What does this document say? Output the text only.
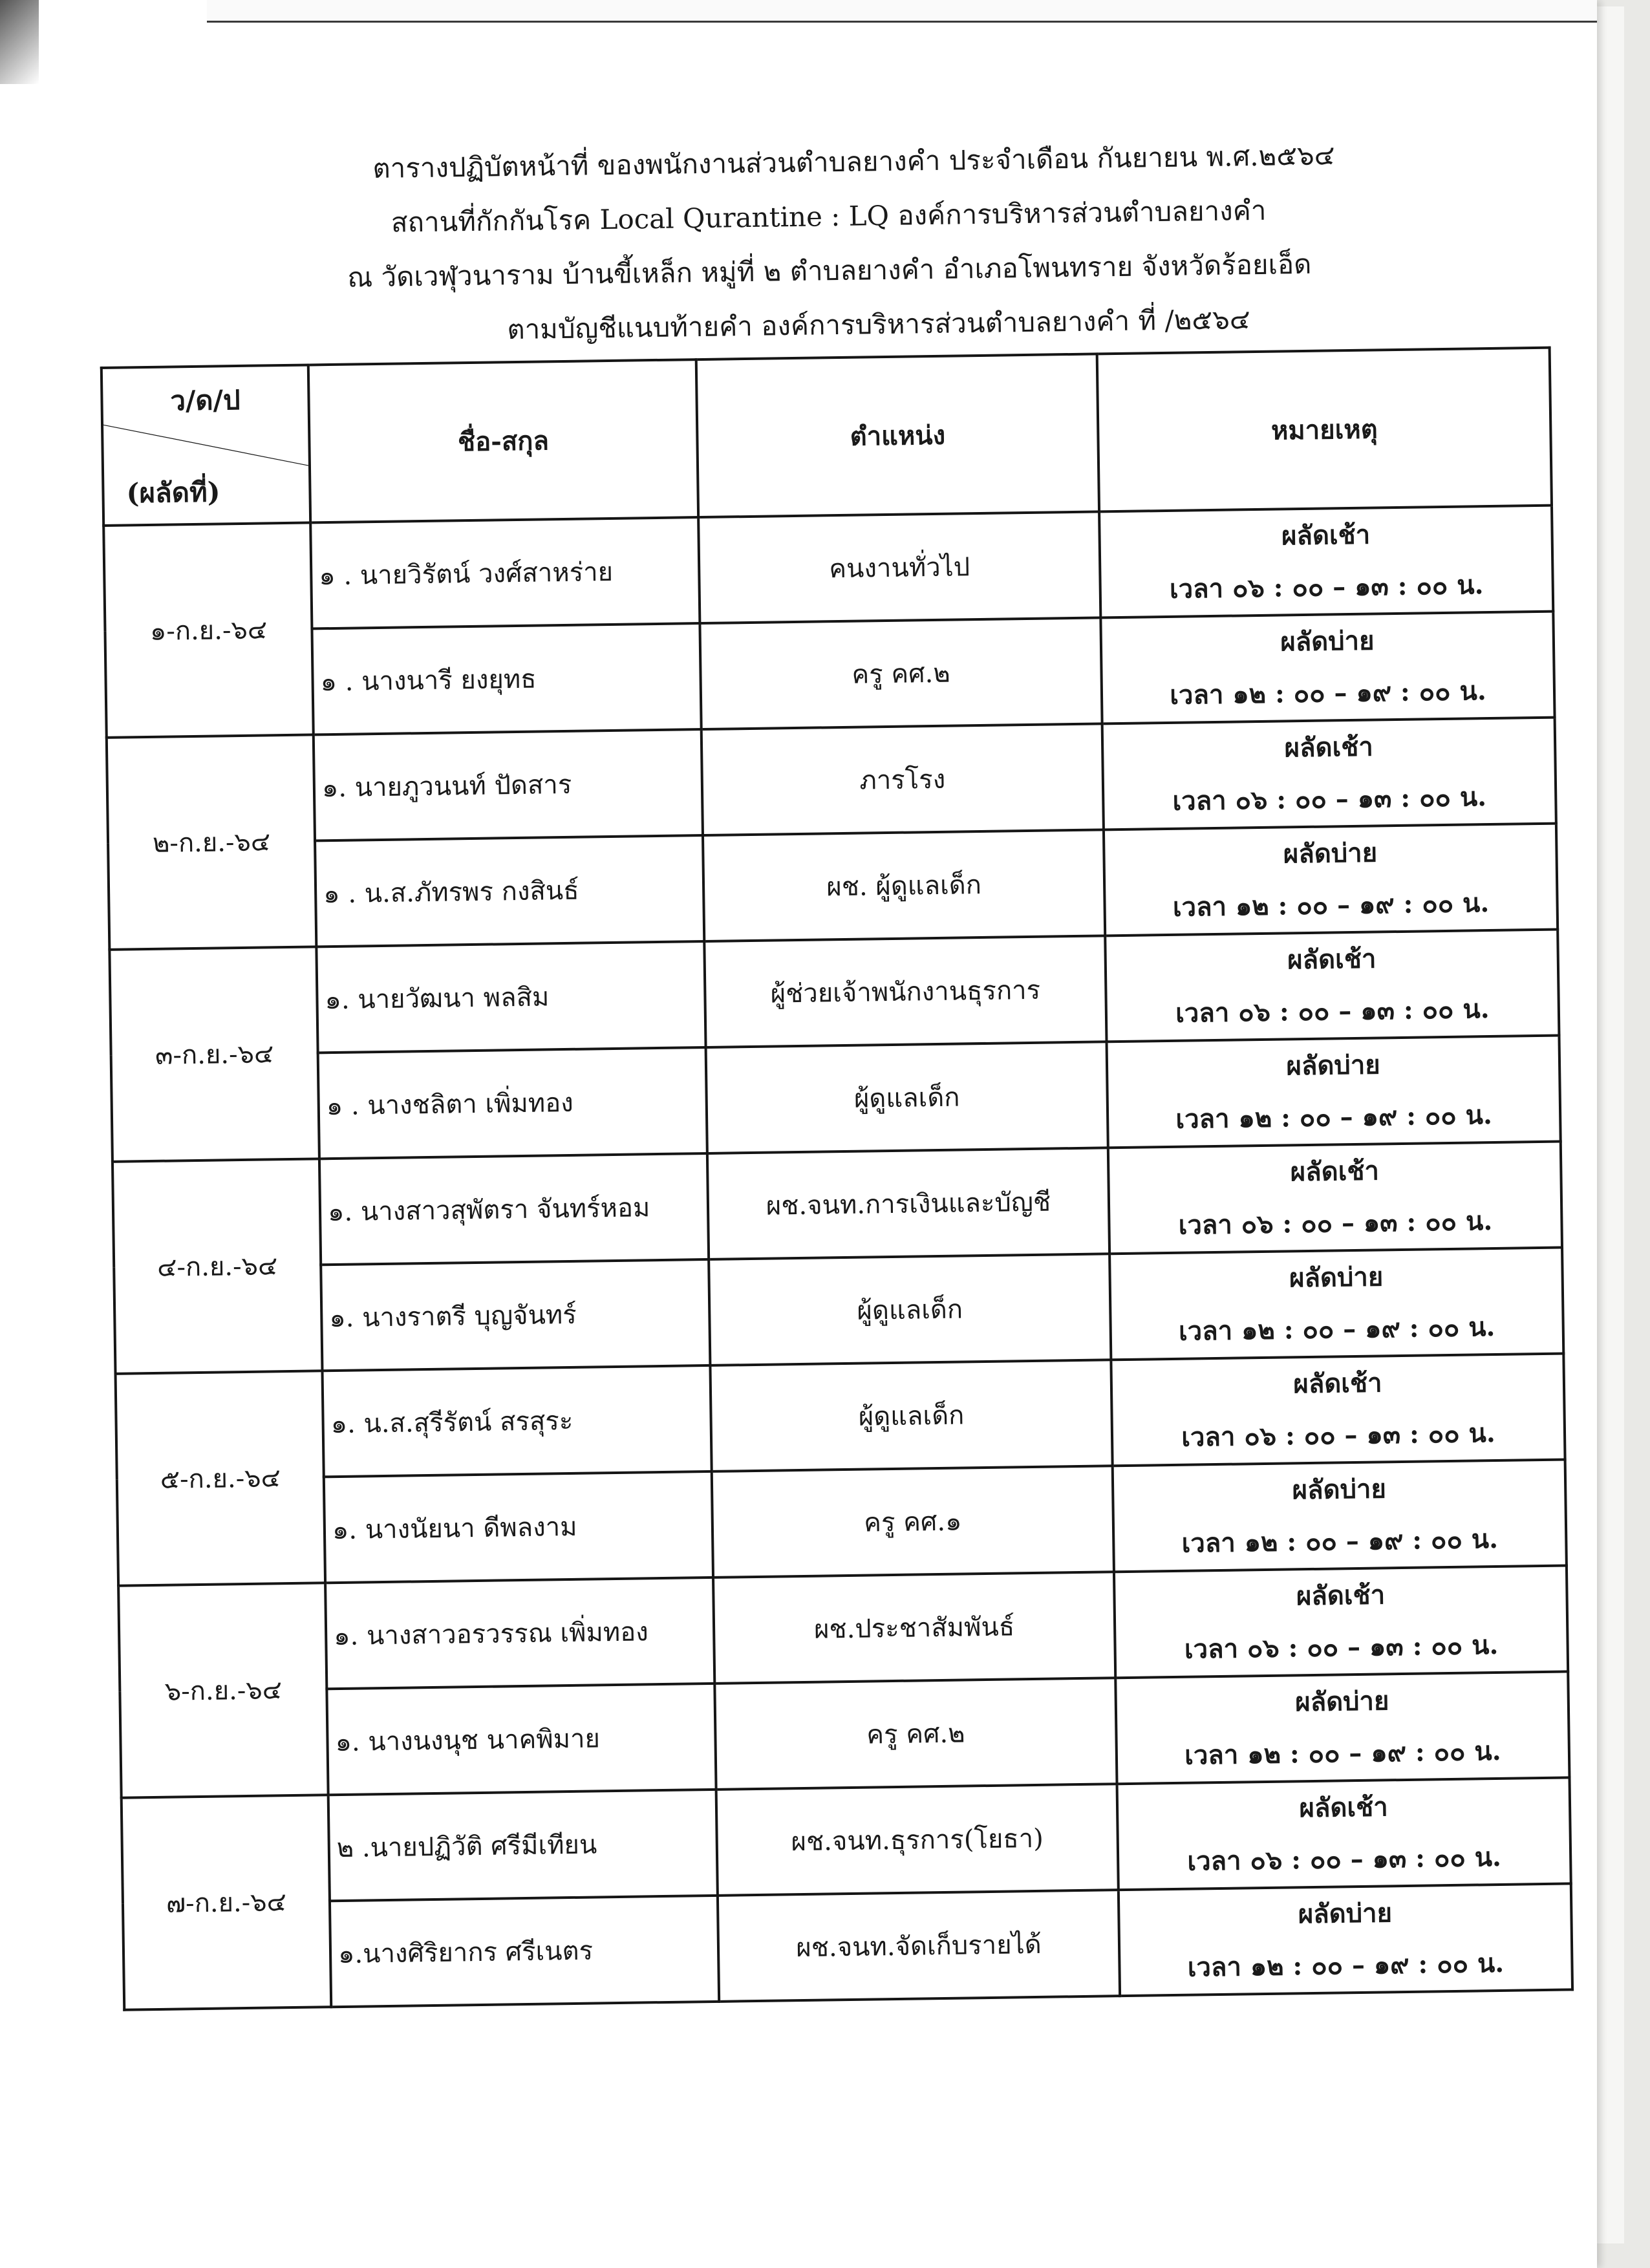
ตารางปฏิบัตหน้าที่ ของพนักงานส่วนตำบลยางคำ ประจำเดือน กันยายน พ.ศ.๒๕๖๔
สถานที่กักกันโรค Local Qurantine : LQ องค์การบริหารส่วนตำบลยางคำ
ณ วัดเวฬุวนาราม บ้านขี้เหล็ก หมู่ที่ ๒ ตำบลยางคำ อำเภอโพนทราย จังหวัดร้อยเอ็ด
ตามบัญชีแนบท้ายคำ องค์การบริหารส่วนตำบลยางคำ ที่ /๒๕๖๔
ว/ด/ป
(ผลัดที่)	ชื่อ-สกุล	ตำแหน่ง	หมายเหตุ
๑-ก.ย.-๖๔	๑ . นายวิรัตน์ วงศ์สาหร่าย	คนงานทั่วไป	ผลัดเช้า
เวลา ๐๖ : ๐๐ – ๑๓ : ๐๐ น.

	๑ . นางนารี ยงยุทธ	ครู คศ.๒	ผลัดบ่าย
เวลา ๑๒ : ๐๐ – ๑๙ : ๐๐ น.

๒-ก.ย.-๖๔	๑. นายภูวนนท์ ปัดสาร	ภารโรง	ผลัดเช้า
เวลา ๐๖ : ๐๐ – ๑๓ : ๐๐ น.

	๑ . น.ส.ภัทรพร กงสินธ์	ผช. ผู้ดูแลเด็ก	ผลัดบ่าย
เวลา ๑๒ : ๐๐ – ๑๙ : ๐๐ น.

๓-ก.ย.-๖๔	๑. นายวัฒนา พลสิม	ผู้ช่วยเจ้าพนักงานธุรการ	ผลัดเช้า
เวลา ๐๖ : ๐๐ – ๑๓ : ๐๐ น.

	๑ . นางชลิตา เพิ่มทอง	ผู้ดูแลเด็ก	ผลัดบ่าย
เวลา ๑๒ : ๐๐ – ๑๙ : ๐๐ น.

๔-ก.ย.-๖๔	๑. นางสาวสุพัตรา จันทร์หอม	ผช.จนท.การเงินและบัญชี	ผลัดเช้า
เวลา ๐๖ : ๐๐ – ๑๓ : ๐๐ น.

	๑. นางราตรี บุญจันทร์	ผู้ดูแลเด็ก	ผลัดบ่าย
เวลา ๑๒ : ๐๐ – ๑๙ : ๐๐ น.

๕-ก.ย.-๖๔	๑. น.ส.สุรีรัตน์ สรสุระ	ผู้ดูแลเด็ก	ผลัดเช้า
เวลา ๐๖ : ๐๐ – ๑๓ : ๐๐ น.

	๑. นางนัยนา ดีพลงาม	ครู คศ.๑	ผลัดบ่าย
เวลา ๑๒ : ๐๐ – ๑๙ : ๐๐ น.

๖-ก.ย.-๖๔	๑. นางสาวอรวรรณ เพิ่มทอง	ผช.ประชาสัมพันธ์	ผลัดเช้า
เวลา ๐๖ : ๐๐ – ๑๓ : ๐๐ น.

	๑. นางนงนุช นาคพิมาย	ครู คศ.๒	ผลัดบ่าย
เวลา ๑๒ : ๐๐ – ๑๙ : ๐๐ น.

๗-ก.ย.-๖๔	๒ .นายปฏิวัติ ศรีมีเทียน	ผช.จนท.ธุรการ(โยธา)	ผลัดเช้า
เวลา ๐๖ : ๐๐ – ๑๓ : ๐๐ น.

	๑.นางศิริยากร ศรีเนตร	ผช.จนท.จัดเก็บรายได้	ผลัดบ่าย
เวลา ๑๒ : ๐๐ – ๑๙ : ๐๐ น.
